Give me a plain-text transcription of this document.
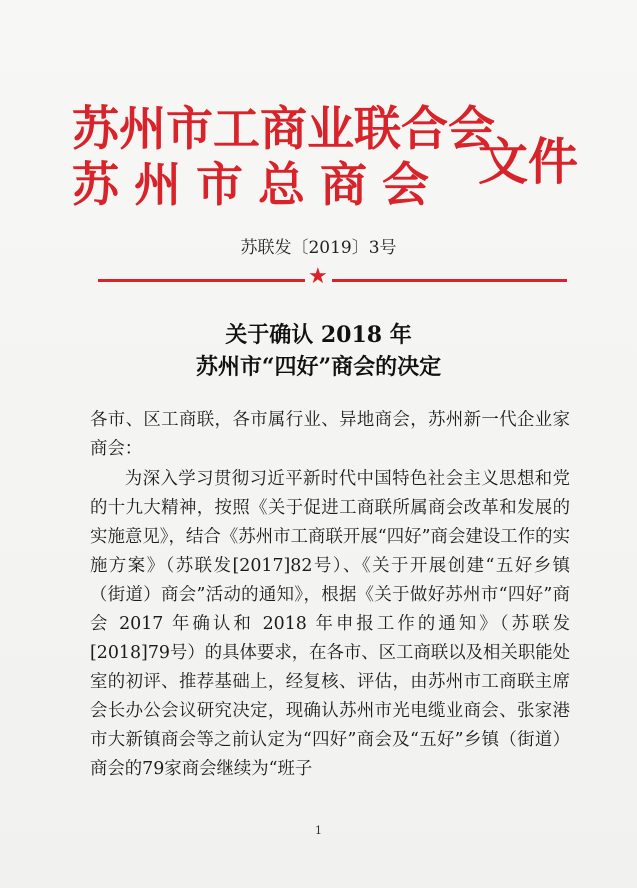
苏州市工商业联合会
苏州市总商会 文件
苏联发〔2019〕3号
★
关于确认 2018 年
苏州市“四好”商会的决定
各市、区工商联，各市属行业、异地商会，苏州新一代企业家商会：
为深入学习贯彻习近平新时代中国特色社会主义思想和党的十九大精神，按照《关于促进工商联所属商会改革和发展的实施意见》，结合《苏州市工商联开展“四好”商会建设工作的实施方案》（苏联发[2017]82号）、《关于开展创建“五好乡镇（街道）商会”活动的通知》，根据《关于做好苏州市“四好”商会 2017 年确认和 2018 年申报工作的通知》（苏联发[2018]79号）的具体要求，在各市、区工商联以及相关职能处室的初评、推荐基础上，经复核、评估，由苏州市工商联主席会长办公会议研究决定，现确认苏州市光电缆业商会、张家港市大新镇商会等之前认定为“四好”商会及“五好”乡镇（街道）商会的79家商会继续为“班子
1
